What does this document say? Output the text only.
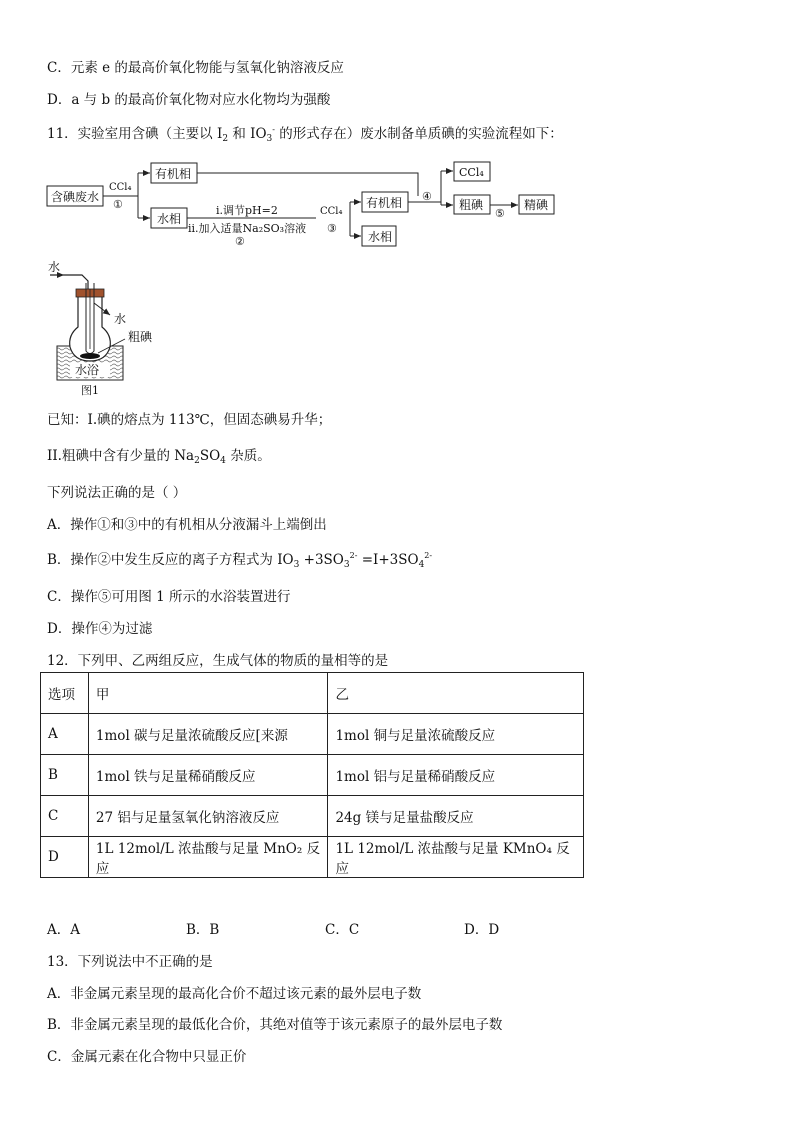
C．元素 e 的最高价氧化物能与氢氧化钠溶液反应
D．a 与 b 的最高价氧化物对应水化物均为强酸
11．实验室用含碘（主要以 $I_2$ 和 $IO_3^-$ 的形式存在）废水制备单质碘的实验流程如下：
含碘废水
CCl₄
①
有机相
水相
i.调节pH=2
ii.加入适量Na₂SO₃溶液
②
CCl₄
③
有机相
水相
④
CCl₄
粗碘
⑤
精碘
水
水
粗碘
水浴
图1
已知：I.碘的熔点为 113℃，但固态碘易升华；
II.粗碘中含有少量的 $Na_2SO_4$ 杂质。
下列说法正确的是（ ）
A．操作①和③中的有机相从分液漏斗上端倒出
B．操作②中发生反应的离子方程式为 $IO_3 +3SO_3^{2-} =I+3SO_4^{2-}$
C．操作⑤可用图 1 所示的水浴装置进行
D．操作④为过滤
12．下列甲、乙两组反应，生成气体的物质的量相等的是
选项	甲	乙
A	1mol 碳与足量浓硫酸反应[来源	1mol 铜与足量浓硫酸反应
B	1mol 铁与足量稀硝酸反应	1mol 铝与足量稀硝酸反应
C	27 铝与足量氢氧化钠溶液反应	24g 镁与足量盐酸反应
D	1L 12mol/L 浓盐酸与足量 MnO₂ 反应	1L 12mol/L 浓盐酸与足量 KMnO₄ 反应
A．A	B．B	C．C	D．D
13．下列说法中不正确的是
A．非金属元素呈现的最高化合价不超过该元素的最外层电子数
B．非金属元素呈现的最低化合价，其绝对值等于该元素原子的最外层电子数
C．金属元素在化合物中只显正价
